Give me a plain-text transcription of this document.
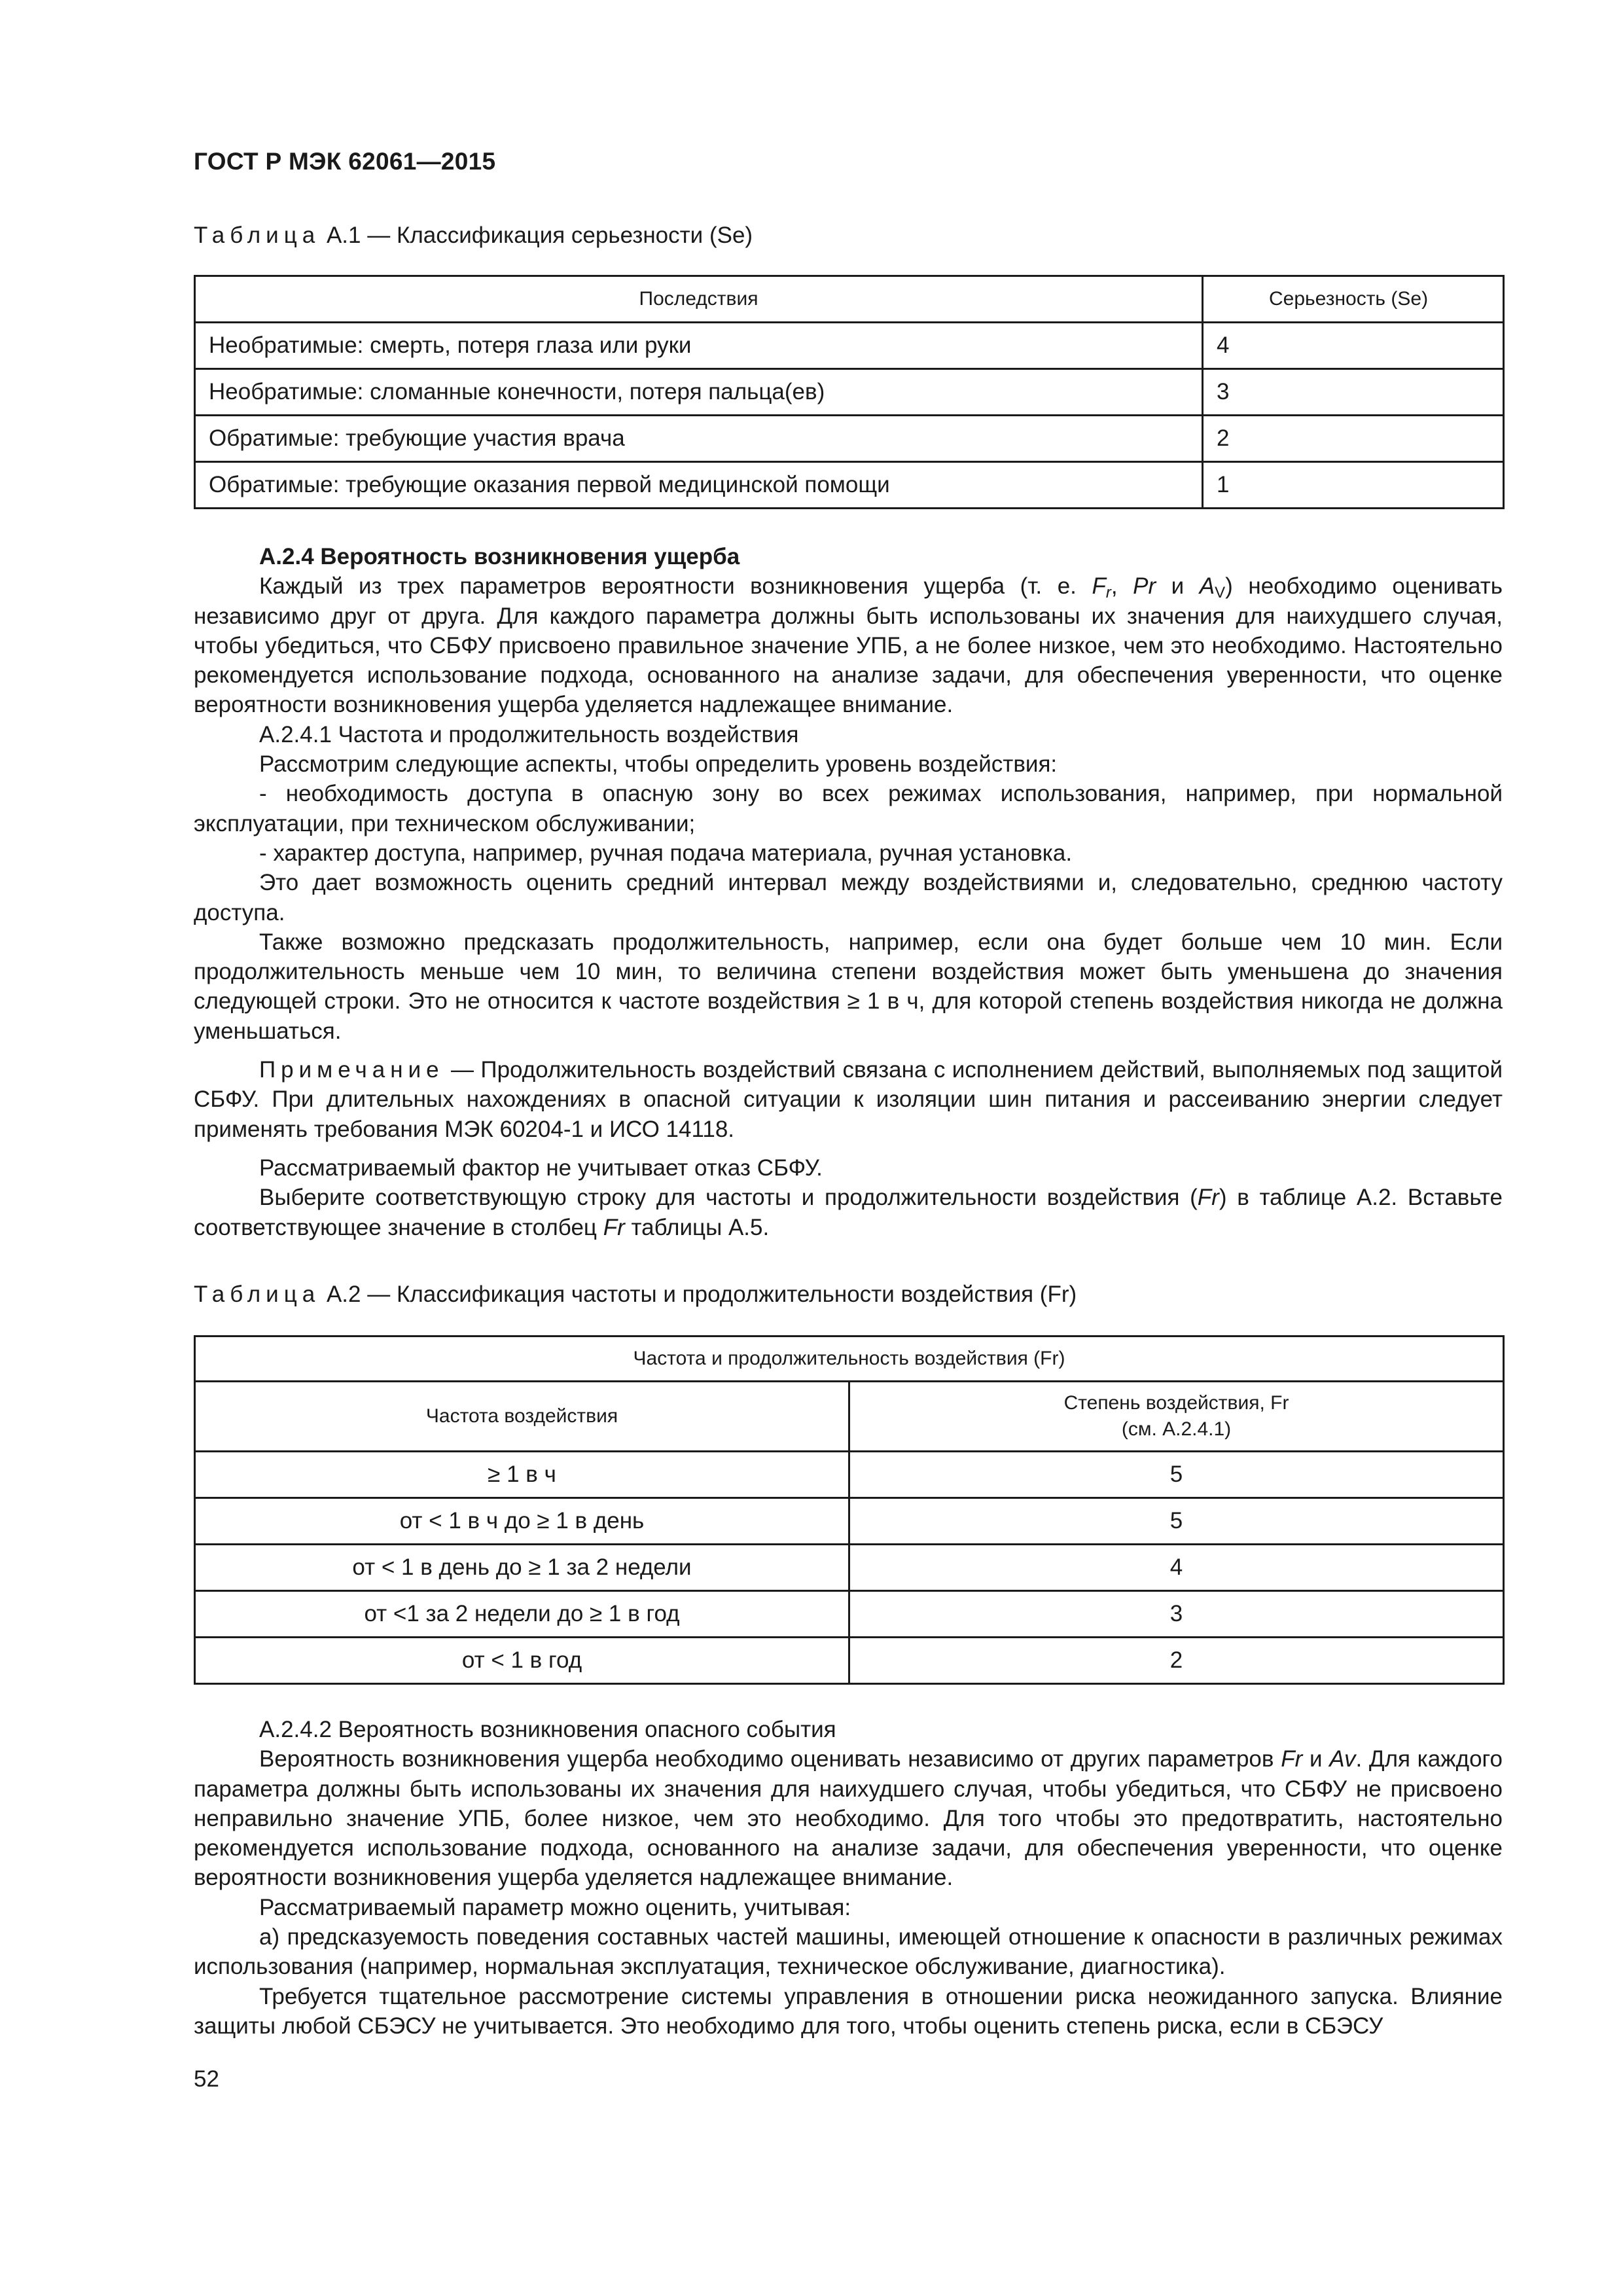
ГОСТ Р МЭК 62061—2015
Таблица А.1 — Классификация серьезности (Se)
Последствия	Серьезность (Se)
Необратимые: смерть, потеря глаза или руки	4
Необратимые: сломанные конечности, потеря пальца(ев)	3
Обратимые: требующие участия врача	2
Обратимые: требующие оказания первой медицинской помощи	1

А.2.4 Вероятность возникновения ущерба

Каждый из трех параметров вероятности возникновения ущерба (т. е. $F_r$, Pr и $A_V$) необходимо оценивать независимо друг от друга. Для каждого параметра должны быть использованы их значения для наихудшего случая, чтобы убедиться, что СБФУ присвоено правильное значение УПБ, а не более низкое, чем это необходимо. Настоятельно рекомендуется использование подхода, основанного на анализе задачи, для обеспечения уверенности, что оценке вероятности возникновения ущерба уделяется надлежащее внимание.

А.2.4.1 Частота и продолжительность воздействия

Рассмотрим следующие аспекты, чтобы определить уровень воздействия:

- необходимость доступа в опасную зону во всех режимах использования, например, при нормальной эксплуатации, при техническом обслуживании;

- характер доступа, например, ручная подача материала, ручная установка.

Это дает возможность оценить средний интервал между воздействиями и, следовательно, среднюю частоту доступа.

Также возможно предсказать продолжительность, например, если она будет больше чем 10 мин. Если продолжительность меньше чем 10 мин, то величина степени воздействия может быть уменьшена до значения следующей строки. Это не относится к частоте воздействия ≥ 1 в ч, для которой степень воздействия никогда не должна уменьшаться.

Примечание — Продолжительность воздействий связана с исполнением действий, выполняемых под защитой СБФУ. При длительных нахождениях в опасной ситуации к изоляции шин питания и рассеиванию энергии следует применять требования МЭК 60204-1 и ИСО 14118.

Рассматриваемый фактор не учитывает отказ СБФУ.

Выберите соответствующую строку для частоты и продолжительности воздействия (Fr) в таблице А.2. Вставьте соответствующее значение в столбец Fr таблицы А.5.

Таблица А.2 — Классификация частоты и продолжительности воздействия (Fr)
Частота и продолжительность воздействия (Fr)	
Частота воздействия	Степень воздействия, Fr
(см. А.2.4.1)
≥ 1 в ч	5
от < 1 в ч до ≥ 1 в день	5
от < 1 в день до ≥ 1 за 2 недели	4
от <1 за 2 недели до ≥ 1 в год	3
от < 1 в год	2

А.2.4.2 Вероятность возникновения опасного события

Вероятность возникновения ущерба необходимо оценивать независимо от других параметров Fr и Av. Для каждого параметра должны быть использованы их значения для наихудшего случая, чтобы убедиться, что СБФУ не присвоено неправильно значение УПБ, более низкое, чем это необходимо. Для того чтобы это предотвратить, настоятельно рекомендуется использование подхода, основанного на анализе задачи, для обеспечения уверенности, что оценке вероятности возникновения ущерба уделяется надлежащее внимание.

Рассматриваемый параметр можно оценить, учитывая:

а) предсказуемость поведения составных частей машины, имеющей отношение к опасности в различных режимах использования (например, нормальная эксплуатация, техническое обслуживание, диагностика).

Требуется тщательное рассмотрение системы управления в отношении риска неожиданного запуска. Влияние защиты любой СБЭСУ не учитывается. Это необходимо для того, чтобы оценить степень риска, если в СБЭСУ

52
